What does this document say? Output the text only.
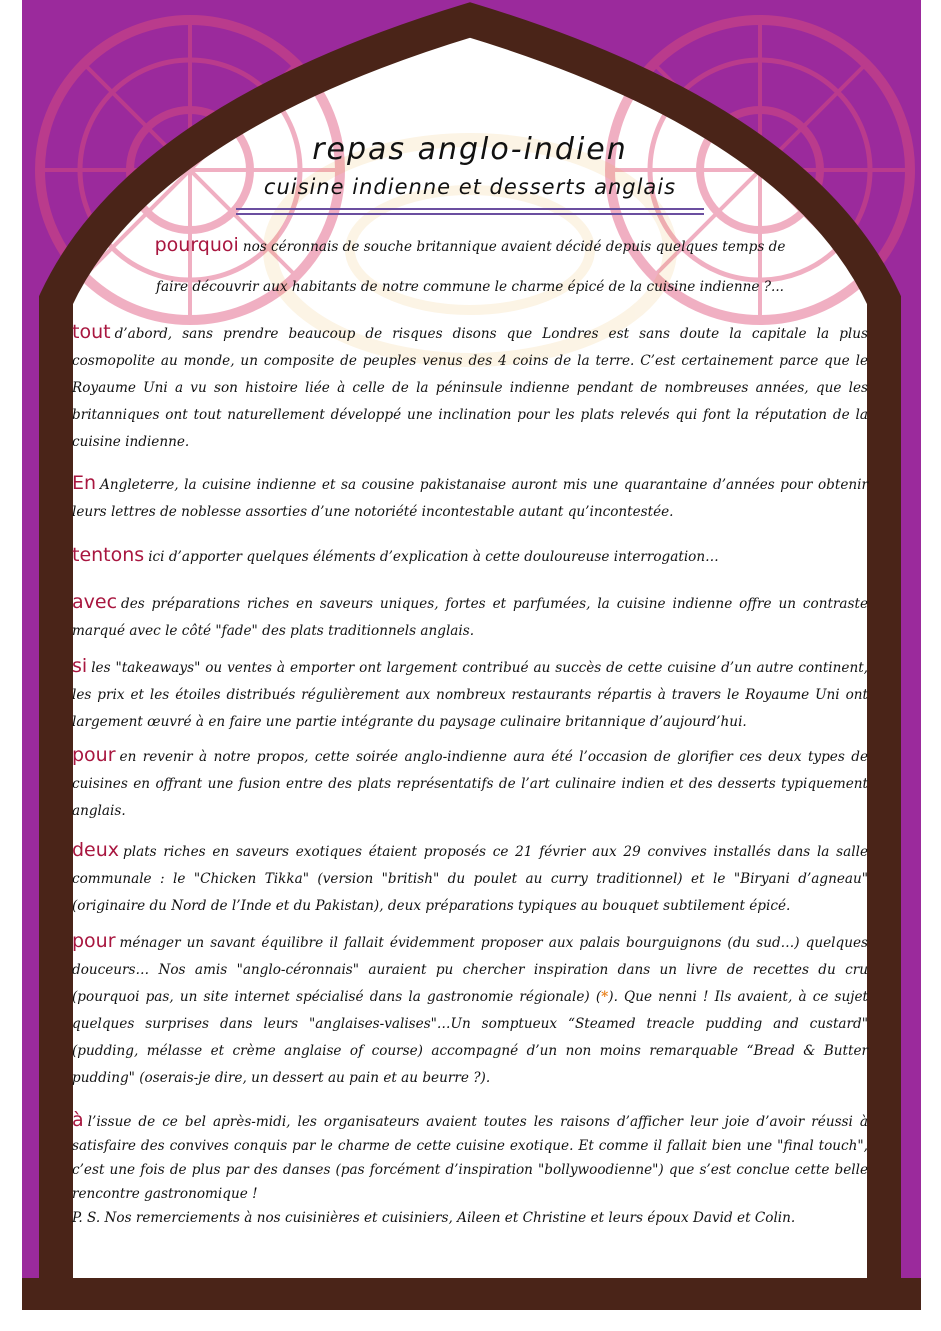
repas anglo-indien
cuisine indienne et desserts anglais

pourquoi nos céronnais de souche britannique avaient décidé depuis quelques temps de faire découvrir aux habitants de notre commune le charme épicé de la cuisine indienne ?...

tout d’abord, sans prendre beaucoup de risques disons que Londres est sans doute la capitale la plus cosmopolite au monde, un composite de peuples venus des 4 coins de la terre. C’est certainement parce que le Royaume Uni a vu son histoire liée à celle de la péninsule indienne pendant de nombreuses années, que les britanniques ont tout naturellement développé une inclination pour les plats relevés qui font la réputation de la cuisine indienne.

En Angleterre, la cuisine indienne et sa cousine pakistanaise auront mis une quarantaine d’années pour obtenir leurs lettres de noblesse assorties d’une notoriété incontestable autant qu’incontestée.

tentons ici d’apporter quelques éléments d’explication à cette douloureuse interrogation…

avec des préparations riches en saveurs uniques, fortes et parfumées, la cuisine indienne offre un contraste marqué avec le côté "fade" des plats traditionnels anglais.

si les "takeaways" ou ventes à emporter ont largement contribué au succès de cette cuisine d’un autre continent, les prix et les étoiles distribués régulièrement aux nombreux restaurants répartis à travers le Royaume Uni ont largement œuvré à en faire une partie intégrante du paysage culinaire britannique d’aujourd’hui.

pour en revenir à notre propos, cette soirée anglo-indienne aura été l’occasion de glorifier ces deux types de cuisines en offrant une fusion entre des plats représentatifs de l’art culinaire indien et des desserts typiquement anglais.

deux plats riches en saveurs exotiques étaient proposés ce 21 février aux 29 convives installés dans la salle communale : le "Chicken Tikka" (version "british" du poulet au curry traditionnel) et le "Biryani d’agneau" (originaire du Nord de l’Inde et du Pakistan), deux préparations typiques au bouquet subtilement épicé.

pour ménager un savant équilibre il fallait évidemment proposer aux palais bourguignons (du sud…) quelques douceurs… Nos amis "anglo-céronnais" auraient pu chercher inspiration dans un livre de recettes du cru (pourquoi pas, un site internet spécialisé dans la gastronomie régionale) (*). Que nenni ! Ils avaient, à ce sujet quelques surprises dans leurs "anglaises-valises"…Un somptueux “Steamed treacle pudding and custard" (pudding, mélasse et crème anglaise of course) accompagné d’un non moins remarquable “Bread & Butter pudding" (oserais-je dire, un dessert au pain et au beurre ?).

à l’issue de ce bel après-midi, les organisateurs avaient toutes les raisons d’afficher leur joie d’avoir réussi à satisfaire des convives conquis par le charme de cette cuisine exotique. Et comme il fallait bien une "final touch", c’est une fois de plus par des danses (pas forcément d’inspiration "bollywoodienne") que s’est conclue cette belle rencontre gastronomique !

P. S. Nos remerciements à nos cuisinières et cuisiniers, Aileen et Christine et leurs époux David et Colin.
